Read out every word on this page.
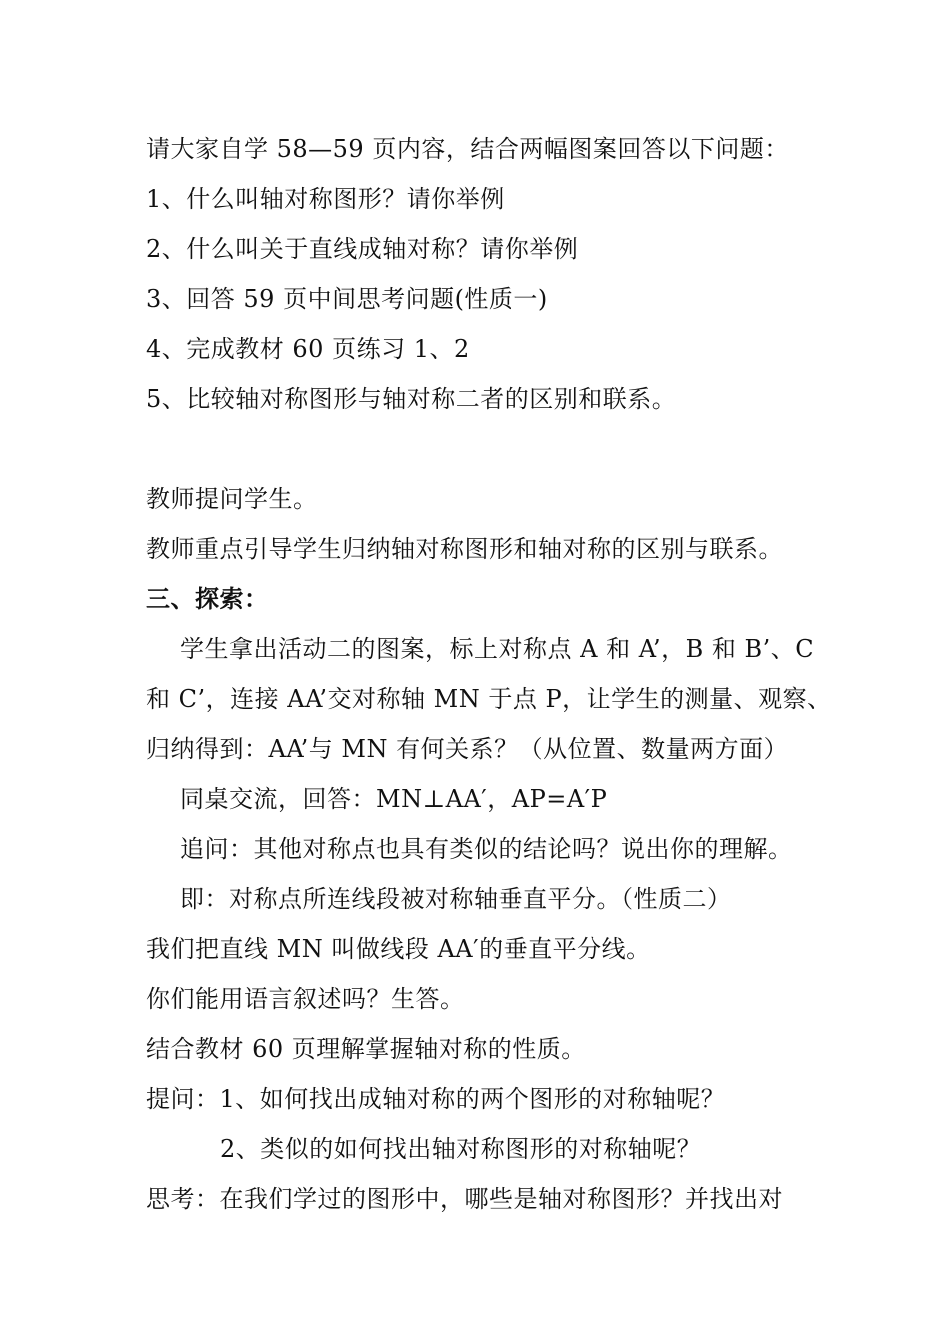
请大家自学 58—59 页内容，结合两幅图案回答以下问题：
1、什么叫轴对称图形？请你举例
2、什么叫关于直线成轴对称？请你举例
3、回答 59 页中间思考问题(性质一)
4、完成教材 60 页练习 1、2
5、比较轴对称图形与轴对称二者的区别和联系。
教师提问学生。
教师重点引导学生归纳轴对称图形和轴对称的区别与联系。
三、探索：
学生拿出活动二的图案，标上对称点 A 和 A’，B 和 B’、C
和 C’，连接 AA’交对称轴 MN 于点 P，让学生的测量、观察、
归纳得到：AA’与 MN 有何关系？（从位置、数量两方面）
同桌交流，回答：MN⊥AA′，AP=A′P
追问：其他对称点也具有类似的结论吗？说出你的理解。
即：对称点所连线段被对称轴垂直平分。（性质二）
我们把直线 MN 叫做线段 AA′的垂直平分线。
你们能用语言叙述吗？生答。
结合教材 60 页理解掌握轴对称的性质。
提问：1、如何找出成轴对称的两个图形的对称轴呢？
2、类似的如何找出轴对称图形的对称轴呢？
思考：在我们学过的图形中，哪些是轴对称图形？并找出对
